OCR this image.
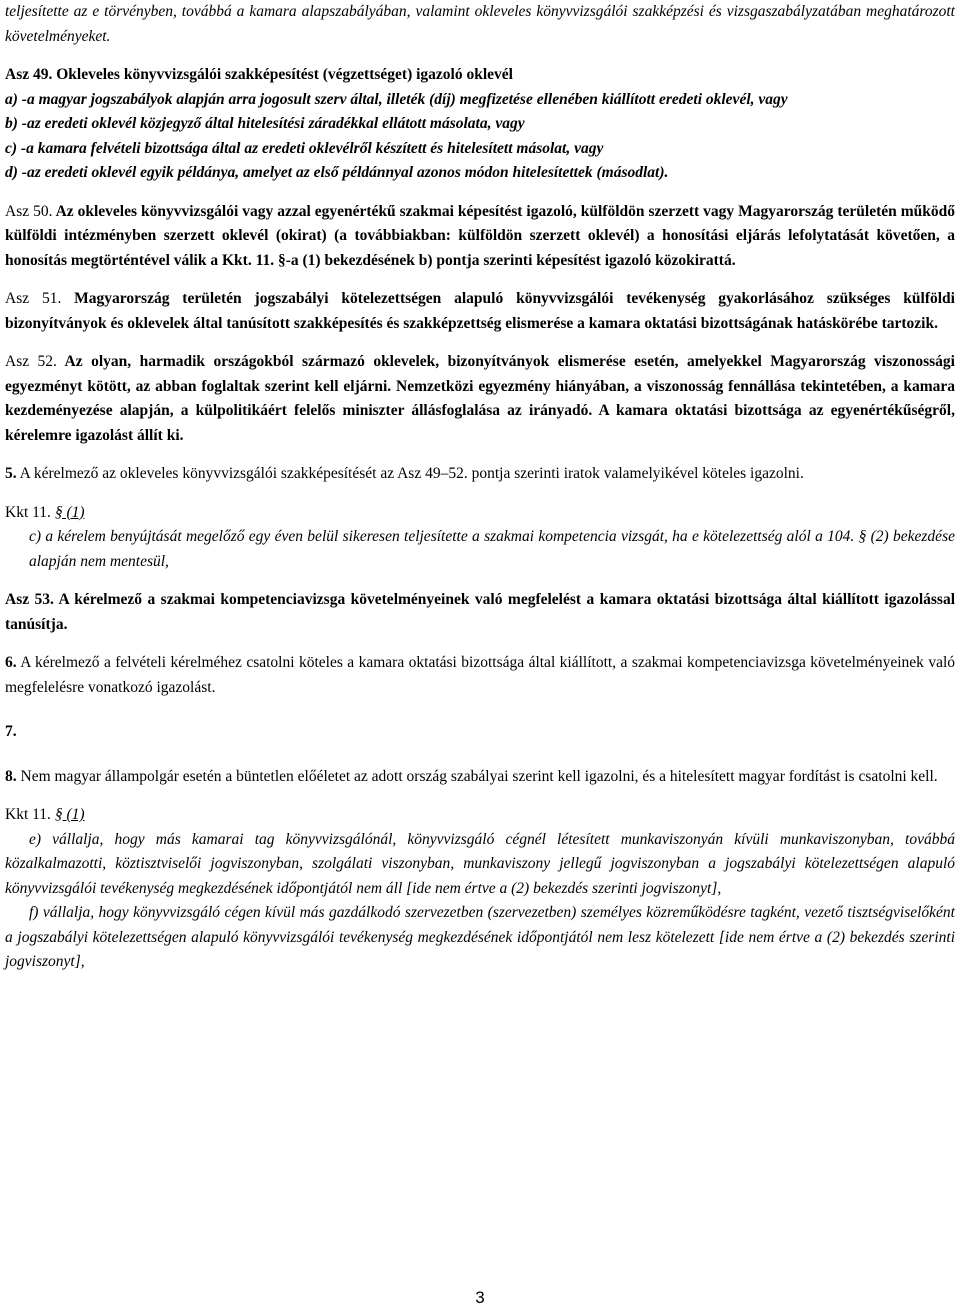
teljesítette az e törvényben, továbbá a kamara alapszabályában, valamint okleveles könyvvizsgálói szakképzési és vizsgaszabályzatában meghatározott követelményeket.

Asz 49. Okleveles könyvvizsgálói szakképesítést (végzettséget) igazoló oklevél

a) -a magyar jogszabályok alapján arra jogosult szerv által, illeték (díj) megfizetése ellenében kiállított eredeti oklevél, vagy

b) -az eredeti oklevél közjegyző által hitelesítési záradékkal ellátott másolata, vagy

c) -a kamara felvételi bizottsága által az eredeti oklevélről készített és hitelesített másolat, vagy

d) -az eredeti oklevél egyik példánya, amelyet az első példánnyal azonos módon hitelesítettek (másodlat).

Asz 50. Az okleveles könyvvizsgálói vagy azzal egyenértékű szakmai képesítést igazoló, külföldön szerzett vagy Magyarország területén működő külföldi intézményben szerzett oklevél (okirat) (a továbbiakban: külföldön szerzett oklevél) a honosítási eljárás lefolytatását követően, a honosítás megtörténtével válik a Kkt. 11. §-a (1) bekezdésének b) pontja szerinti képesítést igazoló közokirattá.

Asz 51. Magyarország területén jogszabályi kötelezettségen alapuló könyvvizsgálói tevékenység gyakorlásához szükséges külföldi bizonyítványok és oklevelek által tanúsított szakképesítés és szakképzettség elismerése a kamara oktatási bizottságának hatáskörébe tartozik.

Asz 52. Az olyan, harmadik országokból származó oklevelek, bizonyítványok elismerése esetén, amelyekkel Magyarország viszonossági egyezményt kötött, az abban foglaltak szerint kell eljárni. Nemzetközi egyezmény hiányában, a viszonosság fennállása tekintetében, a kamara kezdeményezése alapján, a külpolitikáért felelős miniszter állásfoglalása az irányadó. A kamara oktatási bizottsága az egyenértékűségről, kérelemre igazolást állít ki.

5. A kérelmező az okleveles könyvvizsgálói szakképesítését az Asz 49–52. pontja szerinti iratok valamelyikével köteles igazolni.

Kkt 11. § (1)

c) a kérelem benyújtását megelőző egy éven belül sikeresen teljesítette a szakmai kompetencia vizsgát, ha e kötelezettség alól a 104. § (2) bekezdése alapján nem mentesül,

Asz 53. A kérelmező a szakmai kompetenciavizsga követelményeinek való megfelelést a kamara oktatási bizottsága által kiállított igazolással tanúsítja.

6. A kérelmező a felvételi kérelméhez csatolni köteles a kamara oktatási bizottsága által kiállított, a szakmai kompetenciavizsga követelményeinek való megfelelésre vonatkozó igazolást.

7.

8. Nem magyar állampolgár esetén a büntetlen előéletet az adott ország szabályai szerint kell igazolni, és a hitelesített magyar fordítást is csatolni kell.

Kkt 11. § (1)

e) vállalja, hogy más kamarai tag könyvvizsgálónál, könyvvizsgáló cégnél létesített munkaviszonyán kívüli munkaviszonyban, továbbá közalkalmazotti, köztisztviselői jogviszonyban, szolgálati viszonyban, munkaviszony jellegű jogviszonyban a jogszabályi kötelezettségen alapuló könyvvizsgálói tevékenység megkezdésének időpontjától nem áll [ide nem értve a (2) bekezdés szerinti jogviszonyt],

f) vállalja, hogy könyvvizsgáló cégen kívül más gazdálkodó szervezetben (szervezetben) személyes közreműködésre tagként, vezető tisztségviselőként a jogszabályi kötelezettségen alapuló könyvvizsgálói tevékenység megkezdésének időpontjától nem lesz kötelezett [ide nem értve a (2) bekezdés szerinti jogviszonyt],

3
